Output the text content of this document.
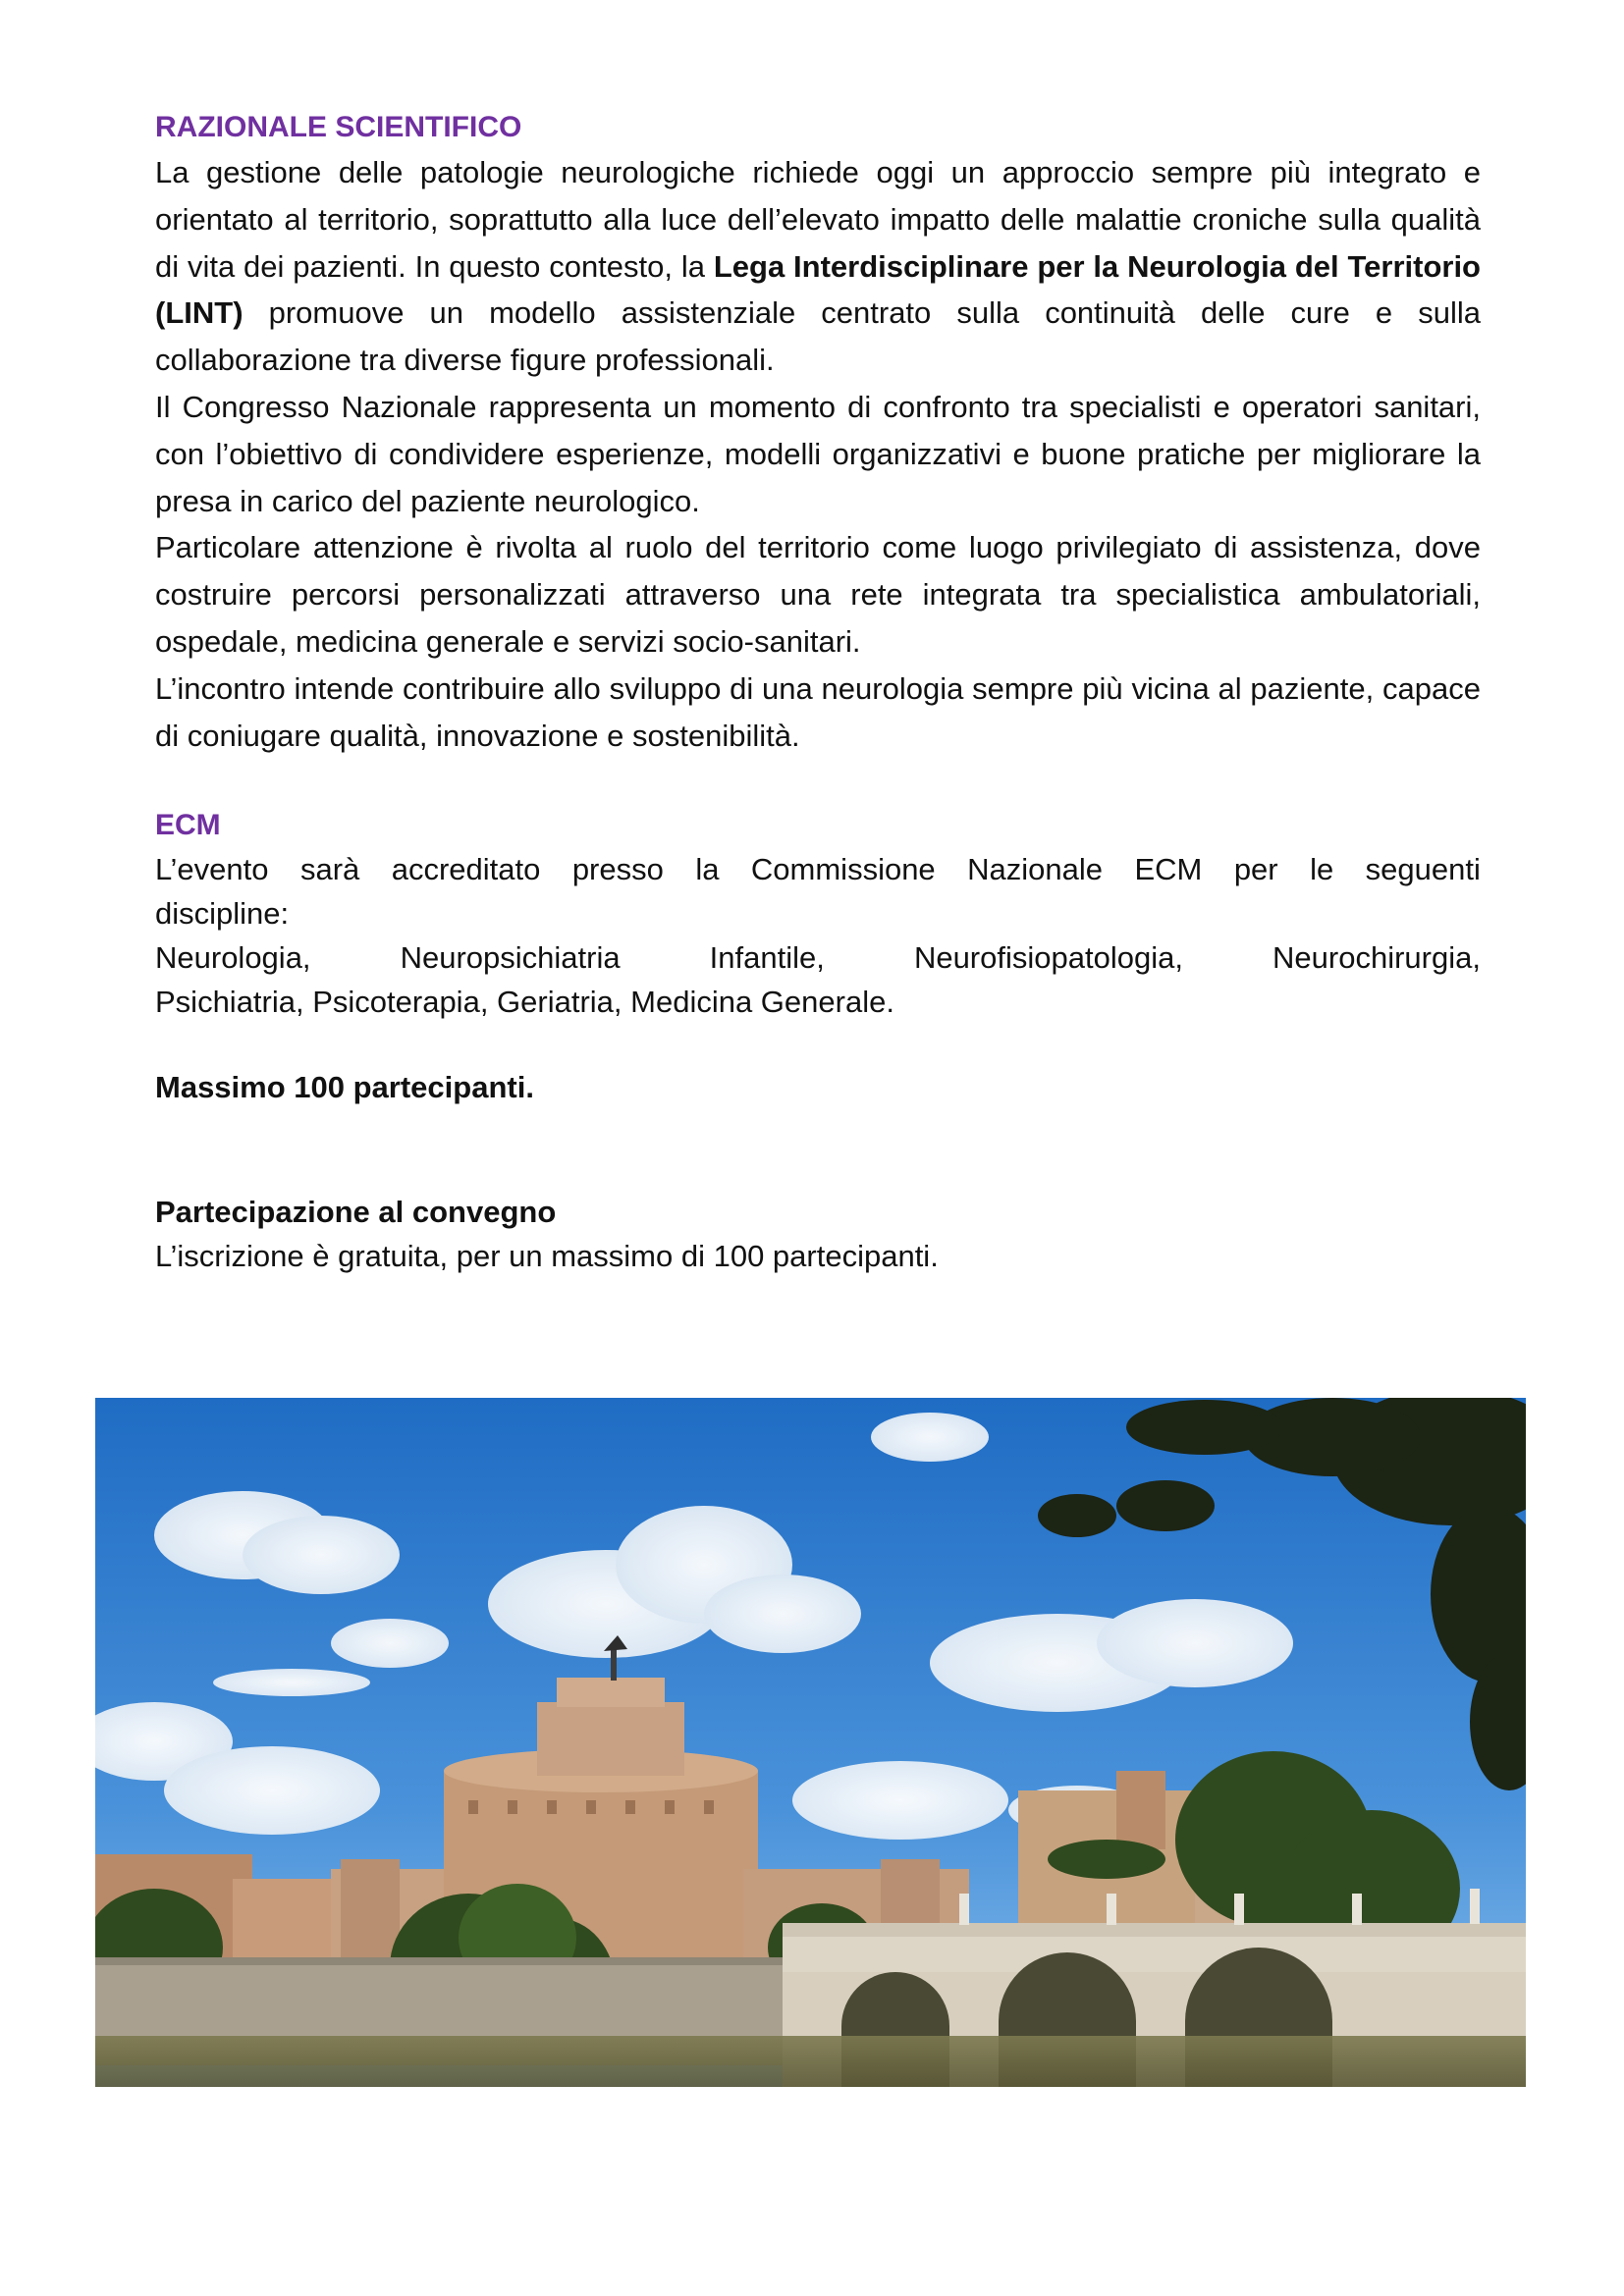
RAZIONALE SCIENTIFICO

La gestione delle patologie neurologiche richiede oggi un approccio sempre più integrato e orientato al territorio, soprattutto alla luce dell’elevato impatto delle malattie croniche sulla qualità di vita dei pazienti. In questo contesto, la Lega Interdisciplinare per la Neurologia del Territorio (LINT) promuove un modello assistenziale centrato sulla continuità delle cure e sulla collaborazione tra diverse figure professionali.

Il Congresso Nazionale rappresenta un momento di confronto tra specialisti e operatori sanitari, con l’obiettivo di condividere esperienze, modelli organizzativi e buone pratiche per migliorare la presa in carico del paziente neurologico.

Particolare attenzione è rivolta al ruolo del territorio come luogo privilegiato di assistenza, dove costruire percorsi personalizzati attraverso una rete integrata tra specialistica ambulatoriali, ospedale, medicina generale e servizi socio-sanitari.

L’incontro intende contribuire allo sviluppo di una neurologia sempre più vicina al paziente, capace di coniugare qualità, innovazione e sostenibilità.

ECM
L’evento sarà accreditato presso la Commissione Nazionale ECM per le seguenti
discipline:
Neurologia,	Neuropsichiatria	Infantile,	Neurofisiopatologia,	Neurochirurgia,
Psichiatria, Psicoterapia, Geriatria, Medicina Generale.

Massimo 100 partecipanti.

Partecipazione al convegno

L’iscrizione è gratuita, per un massimo di 100 partecipanti.
